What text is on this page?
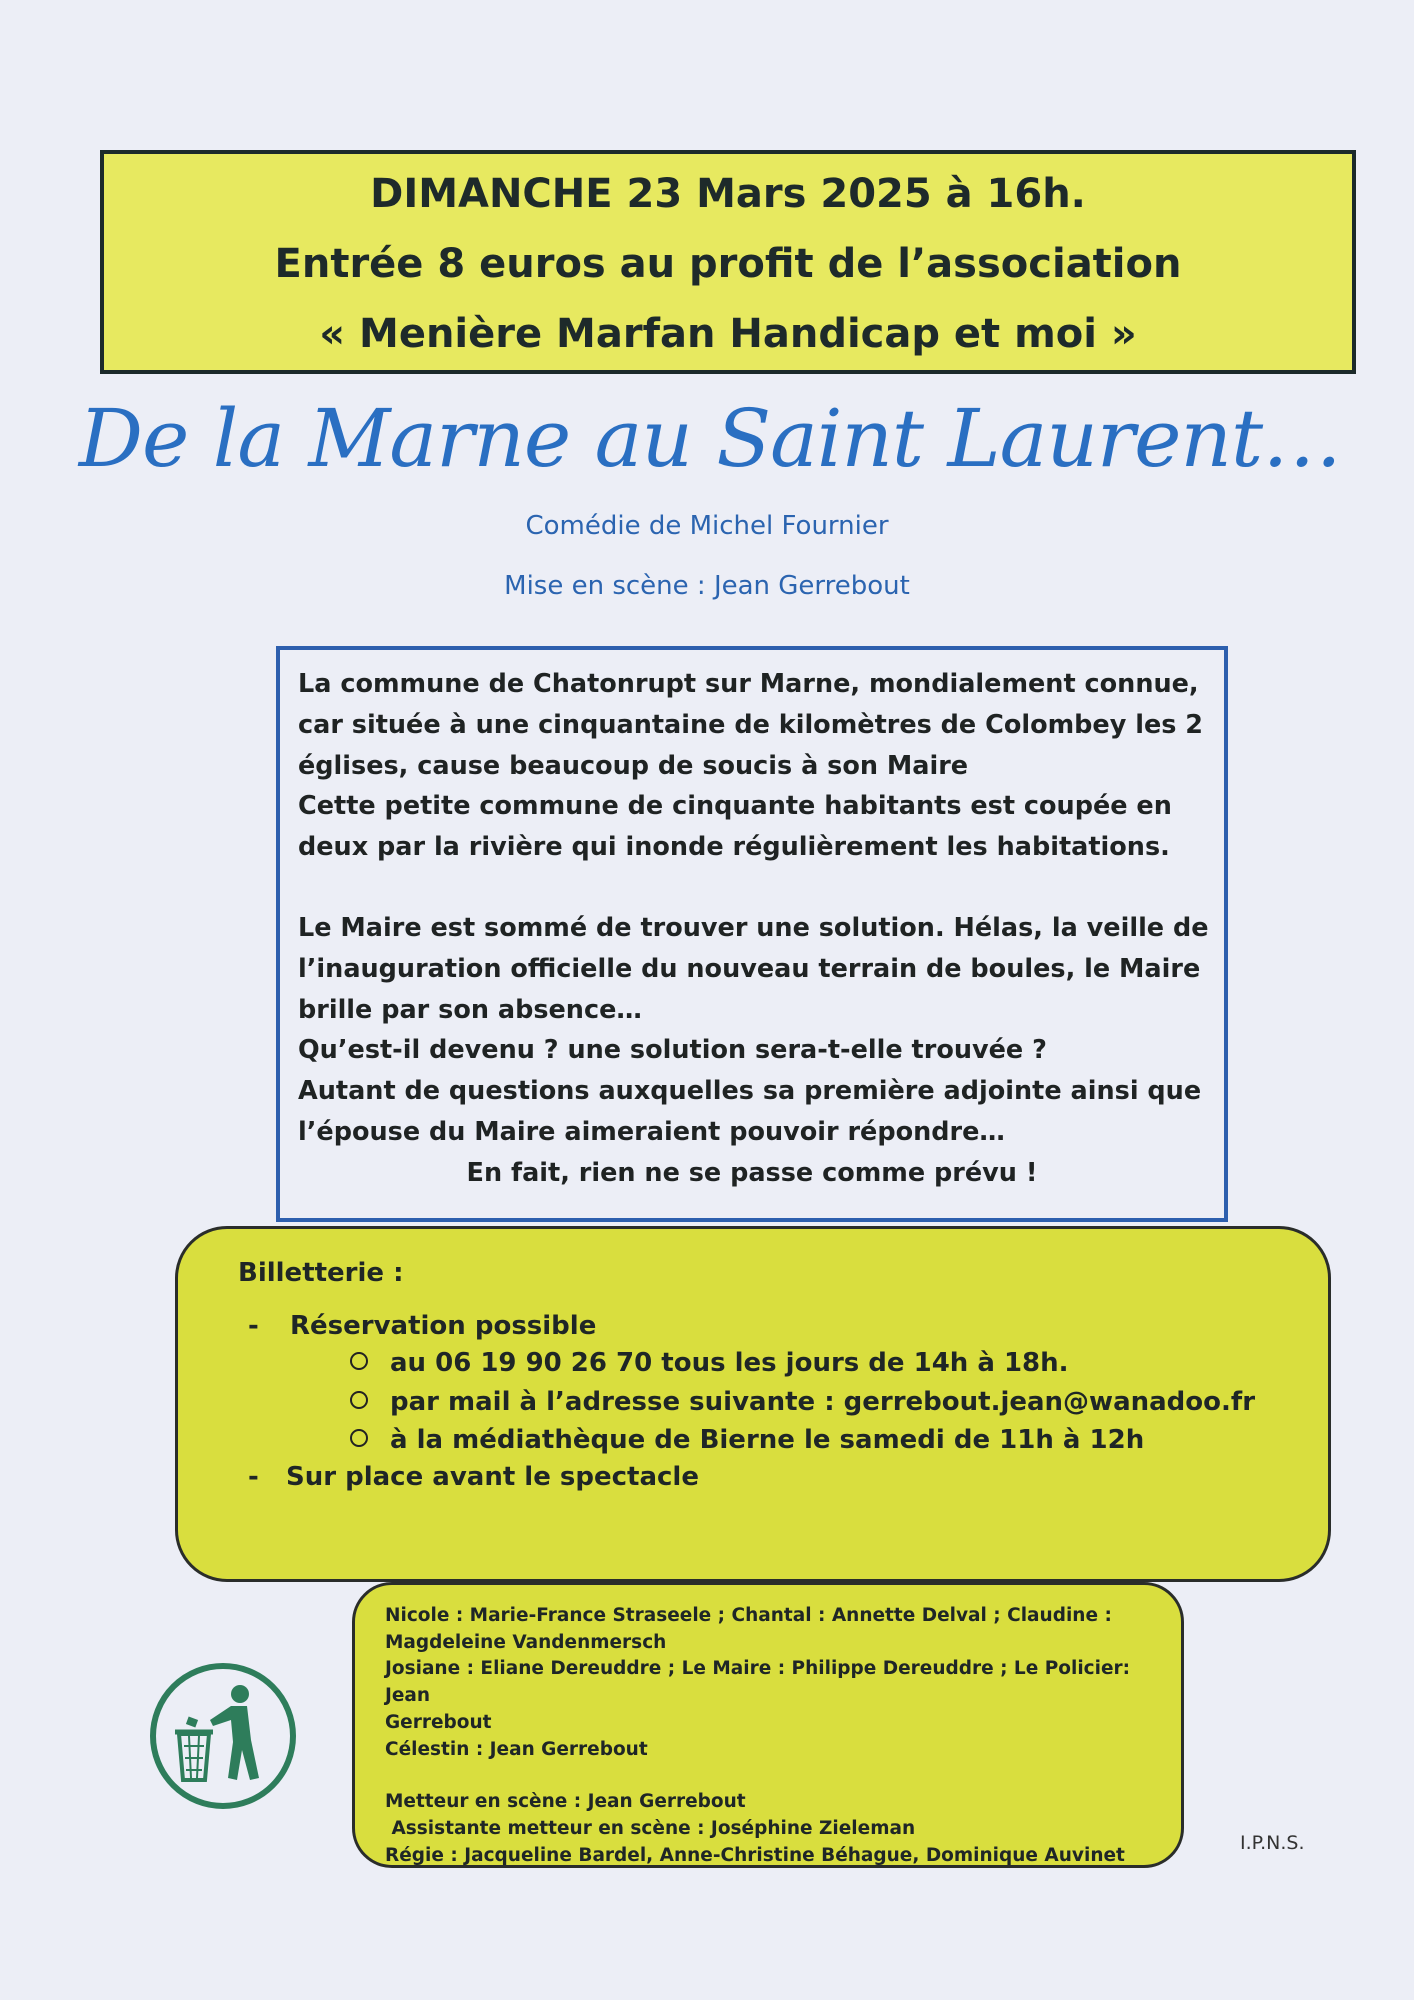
DIMANCHE 23 Mars 2025 à 16h.
Entrée 8 euros au profit de l’association
« Menière Marfan Handicap et moi »
De la Marne au Saint Laurent…
Comédie de Michel Fournier
Mise en scène : Jean Gerrebout
La commune de Chatonrupt sur Marne, mondialement connue,
car située à une cinquantaine de kilomètres de Colombey les 2
églises, cause beaucoup de soucis à son Maire
Cette petite commune de cinquante habitants est coupée en
deux par la rivière qui inonde régulièrement les habitations.
Le Maire est sommé de trouver une solution. Hélas, la veille de
l’inauguration officielle du nouveau terrain de boules, le Maire
brille par son absence…
Qu’est-il devenu ? une solution sera-t-elle trouvée ?
Autant de questions auxquelles sa première adjointe ainsi que
l’épouse du Maire aimeraient pouvoir répondre…
En fait, rien ne se passe comme prévu !
Billetterie :
- Réservation possible
au 06 19 90 26 70 tous les jours de 14h à 18h.
par mail à l’adresse suivante : gerrebout.jean@wanadoo.fr
à la médiathèque de Bierne le samedi de 11h à 12h
- Sur place avant le spectacle
Nicole : Marie-France Straseele ; Chantal : Annette Delval ; Claudine :
Magdeleine Vandenmersch
Josiane : Eliane Dereuddre ; Le Maire : Philippe Dereuddre ; Le Policier: Jean
Gerrebout
Célestin : Jean Gerrebout
Metteur en scène : Jean Gerrebout
Assistante metteur en scène : Joséphine Zieleman
Régie : Jacqueline Bardel, Anne-Christine Béhague, Dominique Auvinet
I.P.N.S.
